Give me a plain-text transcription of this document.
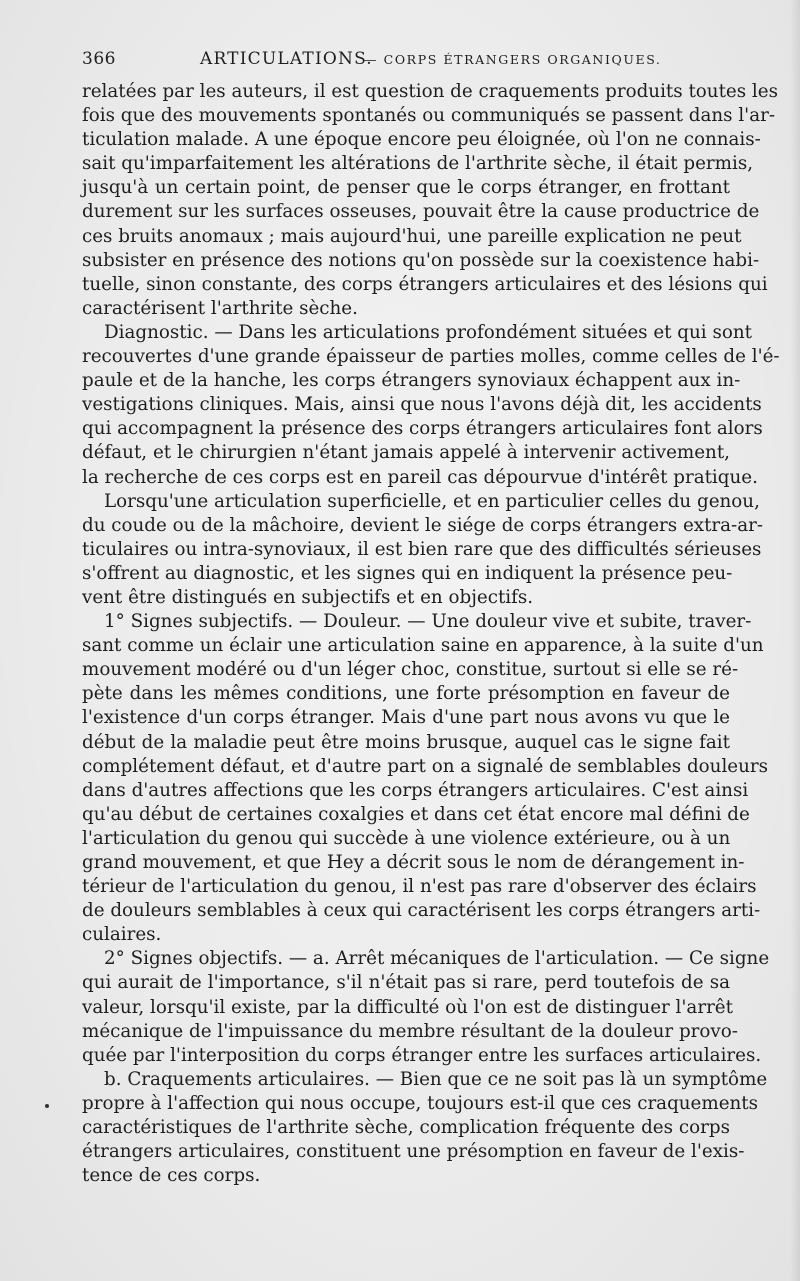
366	ARTICULATIONS.
— CORPS ÉTRANGERS ORGANIQUES.
relatées par les auteurs, il est question de craquements produits toutes les
fois que des mouvements spontanés ou communiqués se passent dans l'ar-
ticulation malade. A une époque encore peu éloignée, où l'on ne connais-
sait qu'imparfaitement les altérations de l'arthrite sèche, il était permis,
jusqu'à un certain point, de penser que le corps étranger, en frottant
durement sur les surfaces osseuses, pouvait être la cause productrice de
ces bruits anomaux ; mais aujourd'hui, une pareille explication ne peut
subsister en présence des notions qu'on possède sur la coexistence habi-
tuelle, sinon constante, des corps étrangers articulaires et des lésions qui
caractérisent l'arthrite sèche.
Diagnostic. — Dans les articulations profondément situées et qui sont
recouvertes d'une grande épaisseur de parties molles, comme celles de l'é-
paule et de la hanche, les corps étrangers synoviaux échappent aux in-
vestigations cliniques. Mais, ainsi que nous l'avons déjà dit, les accidents
qui accompagnent la présence des corps étrangers articulaires font alors
défaut, et le chirurgien n'étant jamais appelé à intervenir activement,
la recherche de ces corps est en pareil cas dépourvue d'intérêt pratique.
Lorsqu'une articulation superficielle, et en particulier celles du genou,
du coude ou de la mâchoire, devient le siége de corps étrangers extra-ar-
ticulaires ou intra-synoviaux, il est bien rare que des difficultés sérieuses
s'offrent au diagnostic, et les signes qui en indiquent la présence peu-
vent être distingués en subjectifs et en objectifs.
1° Signes subjectifs. — Douleur. — Une douleur vive et subite, traver-
sant comme un éclair une articulation saine en apparence, à la suite d'un
mouvement modéré ou d'un léger choc, constitue, surtout si elle se ré-
pète dans les mêmes conditions, une forte présomption en faveur de
l'existence d'un corps étranger. Mais d'une part nous avons vu que le
début de la maladie peut être moins brusque, auquel cas le signe fait
complétement défaut, et d'autre part on a signalé de semblables douleurs
dans d'autres affections que les corps étrangers articulaires. C'est ainsi
qu'au début de certaines coxalgies et dans cet état encore mal défini de
l'articulation du genou qui succède à une violence extérieure, ou à un
grand mouvement, et que Hey a décrit sous le nom de dérangement in-
térieur de l'articulation du genou, il n'est pas rare d'observer des éclairs
de douleurs semblables à ceux qui caractérisent les corps étrangers arti-
culaires.
2° Signes objectifs. — a. Arrêt mécaniques de l'articulation. — Ce signe
qui aurait de l'importance, s'il n'était pas si rare, perd toutefois de sa
valeur, lorsqu'il existe, par la difficulté où l'on est de distinguer l'arrêt
mécanique de l'impuissance du membre résultant de la douleur provo-
quée par l'interposition du corps étranger entre les surfaces articulaires.
b. Craquements articulaires. — Bien que ce ne soit pas là un symptôme
propre à l'affection qui nous occupe, toujours est-il que ces craquements
caractéristiques de l'arthrite sèche, complication fréquente des corps
étrangers articulaires, constituent une présomption en faveur de l'exis-
tence de ces corps.
